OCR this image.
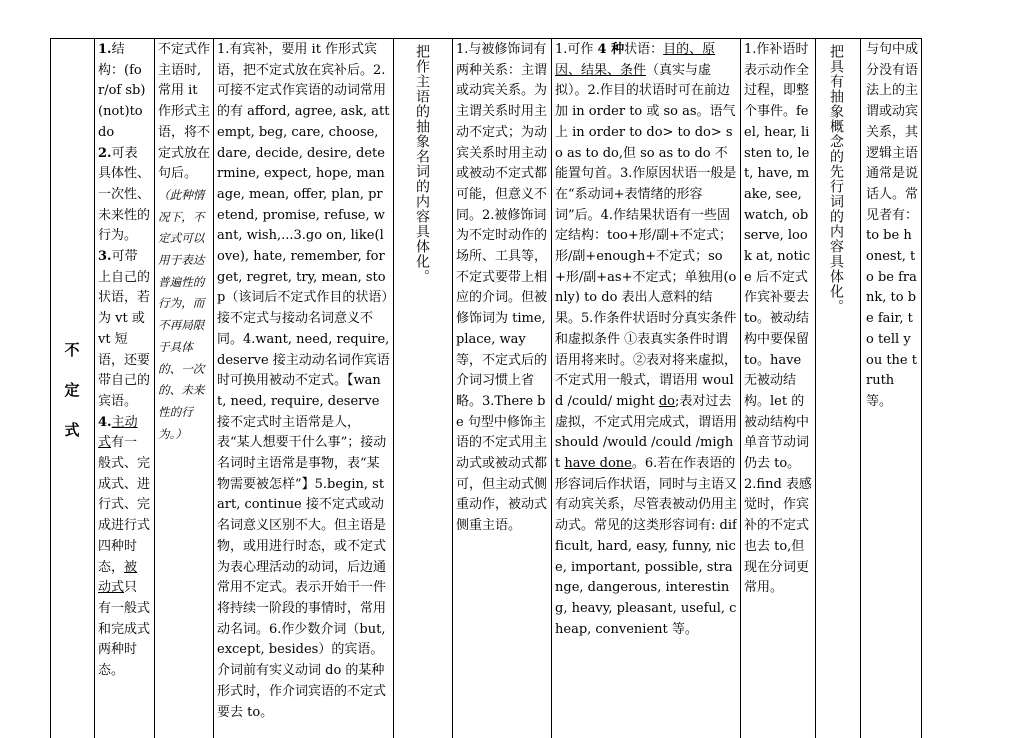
不
定
式
1.结构：(for/of sb) (not)to do
2.可表具体性、一次性、未来性的行为。
3.可带上自己的状语，若为 vt 或 vt 短语，还要带自己的宾语。
4.主动式有一般式、完成式、进行式、完成进行式四种时态，被动式只有一般式和完成式两种时态。
不定式作主语时,常用 it 作形式主语，将不定式放在句后。 （此种情况下，不定式可以用于表达普遍性的行为，而不再局限于具体的、一次的、未来性的行为。）
1.有宾补，要用 it 作形式宾语，把不定式放在宾补后。2.可接不定式作宾语的动词常用的有 afford, agree, ask, attempt, beg, care, choose, dare, decide, desire, determine, expect, hope, manage, mean, offer, plan, pretend, promise, refuse, want, wish,...3.go on, like(love), hate, remember, forget, regret, try, mean, stop（该词后不定式作目的状语）接不定式与接动名词意义不同。4.want, need, require, deserve 接主动动名词作宾语时可换用被动不定式。【want, need, require, deserve 接不定式时主语常是人，表“某人想要干什么事”；接动名词时主语常是事物，表“某物需要被怎样”】5.begin, start, continue 接不定式或动名词意义区别不大。但主语是物，或用进行时态，或不定式为表心理活动的动词，后边通常用不定式。表示开始干一件将持续一阶段的事情时，常用动名词。6.作少数介词（but, except, besides）的宾语。介词前有实义动词 do 的某种形式时，作介词宾语的不定式要去 to。
把作主语的抽象名词的内容具体化。 1.与被修饰词有两种关系：主谓或动宾关系。为主谓关系时用主动不定式；为动宾关系时用主动或被动不定式都可能，但意义不同。2.被修饰词为不定时动作的场所、工具等，不定式要带上相应的介词。但被修饰词为 time, place, way 等，不定式后的介词习惯上省略。3.There be 句型中修饰主语的不定式用主动式或被动式都可，但主动式侧重动作，被动式侧重主语。
1.可作 4 种状语：目的、原因、结果、条件（真实与虚拟）。2.作目的状语时可在前边加 in order to 或 so as。语气上 in order to do> to do> so as to do,但 so as to do 不能置句首。3.作原因状语一般是在“系动词+表情绪的形容词”后。4.作结果状语有一些固定结构：too+形/副+不定式；形/副+enough+不定式；so+形/副+as+不定式；单独用(only) to do 表出人意料的结果。5.作条件状语时分真实条件和虚拟条件 ①表真实条件时谓语用将来时。②表对将来虚拟，不定式用一般式，谓语用 would /could/ might do;表对过去虚拟，不定式用完成式，谓语用 should /would /could /might have done。6.若在作表语的形容词后作状语，同时与主语又有动宾关系，尽管表被动仍用主动式。常见的这类形容词有: difficult, hard, easy, funny, nice, important, possible, strange, dangerous, interesting, heavy, pleasant, useful, cheap, convenient 等。
1.作补语时表示动作全过程，即整个事件。feel, hear, listen to, let, have, make, see, watch, observe, look at, notice 后不定式作宾补要去 to。被动结构中要保留 to。have 无被动结构。let 的被动结构中单音节动词仍去 to。2.find 表感觉时，作宾补的不定式也去 to,但现在分词更常用。
把具有抽象概念的先行词的内容具体化。 与句中成分没有语法上的主谓或动宾关系，其逻辑主语通常是说话人。常见者有：to be honest, to be frank, to be fair, to tell you the truth 等。
